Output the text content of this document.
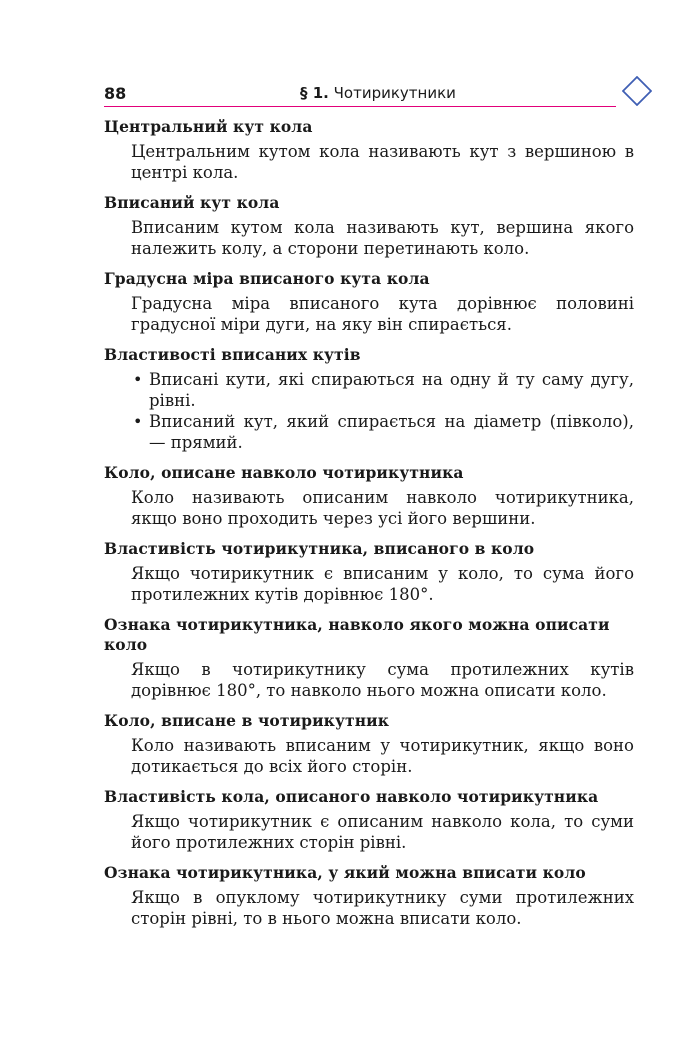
88	§ 1. Чотирикутники

Центральний кут кола

Центральним кутом кола називають кут з вершиною в центрі кола.

Вписаний кут кола

Вписаним кутом кола називають кут, вершина якого належить колу, а сторони перетинають коло.

Градусна міра вписаного кута кола

Градусна міра вписаного кута дорівнює половині градусної міри дуги, на яку він спирається.

Властивості вписаних кутів

• Вписані кути, які спираються на одну й ту саму дугу, рівні.
• Вписаний кут, який спирається на діаметр (півколо), — прямий.

Коло, описане навколо чотирикутника

Коло називають описаним навколо чотирикутника, якщо воно проходить через усі його вершини.

Властивість чотирикутника, вписаного в коло

Якщо чотирикутник є вписаним у коло, то сума його протилежних кутів дорівнює 180°.

Ознака чотирикутника, навколо якого можна описати коло

Якщо в чотирикутнику сума протилежних кутів дорівнює 180°, то навколо нього можна описати коло.

Коло, вписане в чотирикутник

Коло називають вписаним у чотирикутник, якщо воно дотикається до всіх його сторін.

Властивість кола, описаного навколо чотирикутника

Якщо чотирикутник є описаним навколо кола, то суми його протилежних сторін рівні.

Ознака чотирикутника, у який можна вписати коло

Якщо в опуклому чотирикутнику суми протилежних сторін рівні, то в нього можна вписати коло.
